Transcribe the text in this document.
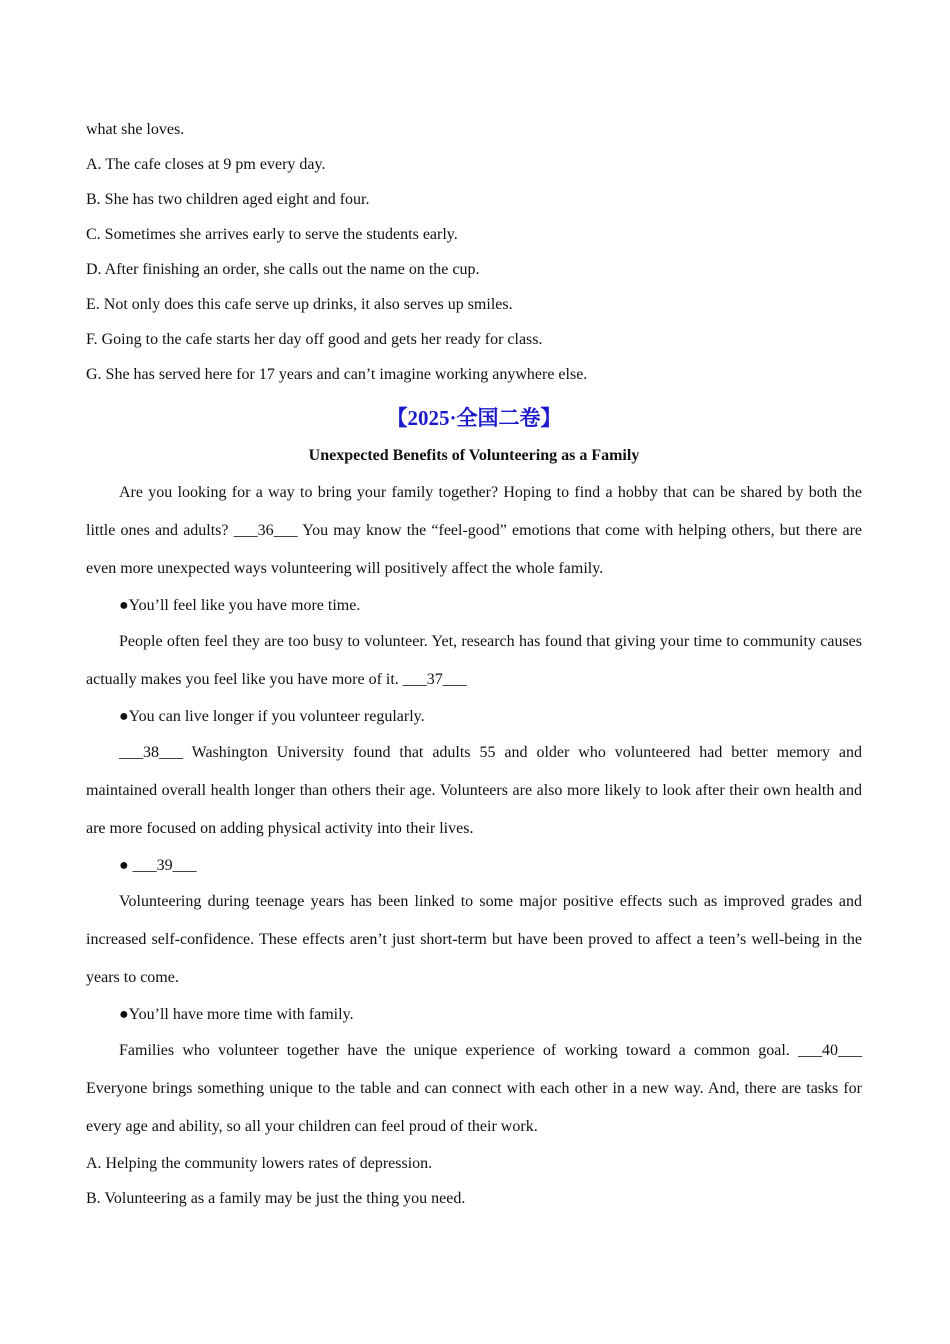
what she loves.

A. The cafe closes at 9 pm every day.

B. She has two children aged eight and four.

C. Sometimes she arrives early to serve the students early.

D. After finishing an order, she calls out the name on the cup.

E. Not only does this cafe serve up drinks, it also serves up smiles.

F. Going to the cafe starts her day off good and gets her ready for class.

G. She has served here for 17 years and can’t imagine working anywhere else.

【2025·全国二卷】
Unexpected Benefits of Volunteering as a Family

Are you looking for a way to bring your family together? Hoping to find a hobby that can be shared by both the little ones and adults? ___36___ You may know the “feel-good” emotions that come with helping others, but there are even more unexpected ways volunteering will positively affect the whole family.

●You’ll feel like you have more time.

People often feel they are too busy to volunteer. Yet, research has found that giving your time to community causes actually makes you feel like you have more of it. ___37___

●You can live longer if you volunteer regularly.

___38___ Washington University found that adults 55 and older who volunteered had better memory and maintained overall health longer than others their age. Volunteers are also more likely to look after their own health and are more focused on adding physical activity into their lives.

● ___39___

Volunteering during teenage years has been linked to some major positive effects such as improved grades and increased self-confidence. These effects aren’t just short-term but have been proved to affect a teen’s well-being in the years to come.

●You’ll have more time with family.

Families who volunteer together have the unique experience of working toward a common goal. ___40___ Everyone brings something unique to the table and can connect with each other in a new way. And, there are tasks for every age and ability, so all your children can feel proud of their work.

A. Helping the community lowers rates of depression.

B. Volunteering as a family may be just the thing you need.
